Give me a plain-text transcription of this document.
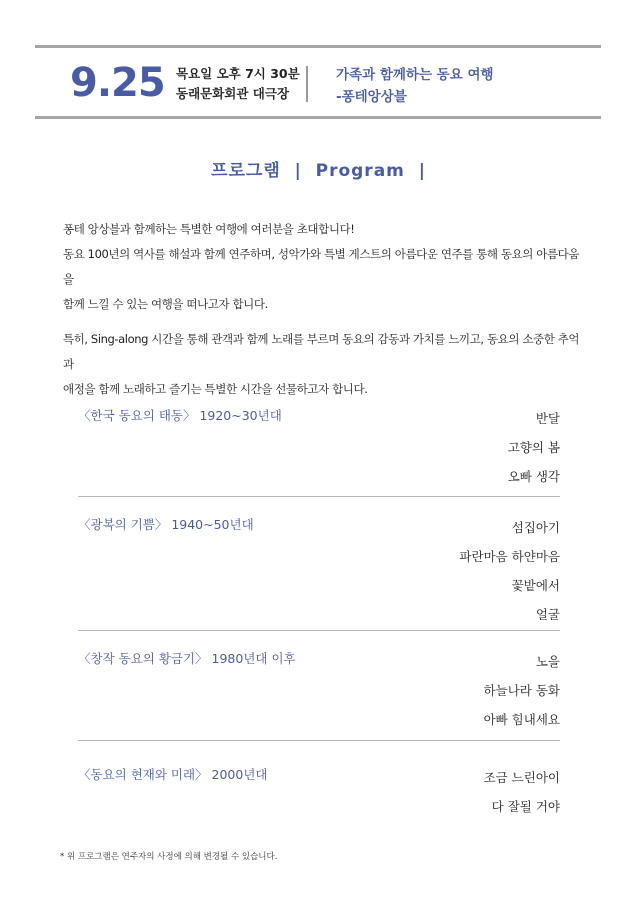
9.25 목요일 오후 7시 30분
동래문화회관 대극장
가족과 함께하는 동요 여행
-퐁테앙상블
프로그램  |  Program  |

퐁테 앙상블과 함께하는 특별한 여행에 여러분을 초대합니다!

동요 100년의 역사를 해설과 함께 연주하며, 성악가와 특별 게스트의 아름다운 연주를 통해 동요의 아름다움을

함께 느낄 수 있는 여행을 떠나고자 합니다.

특히, Sing-along 시간을 통해 관객과 함께 노래를 부르며 동요의 감동과 가치를 느끼고, 동요의 소중한 추억과

애정을 함께 노래하고 즐기는 특별한 시간을 선물하고자 합니다.

〈한국 동요의 태동〉 1920~30년대	반달
고향의 봄
오빠 생각
〈광복의 기쁨〉 1940~50년대	섬집아기
파란마음 하얀마음
꽃밭에서
얼굴
〈창작 동요의 황금기〉 1980년대 이후	노을
하늘나라 동화
아빠 힘내세요
〈동요의 현재와 미래〉 2000년대	조금 느린아이
다 잘될 거야
* 위 프로그램은 연주자의 사정에 의해 변경될 수 있습니다.
